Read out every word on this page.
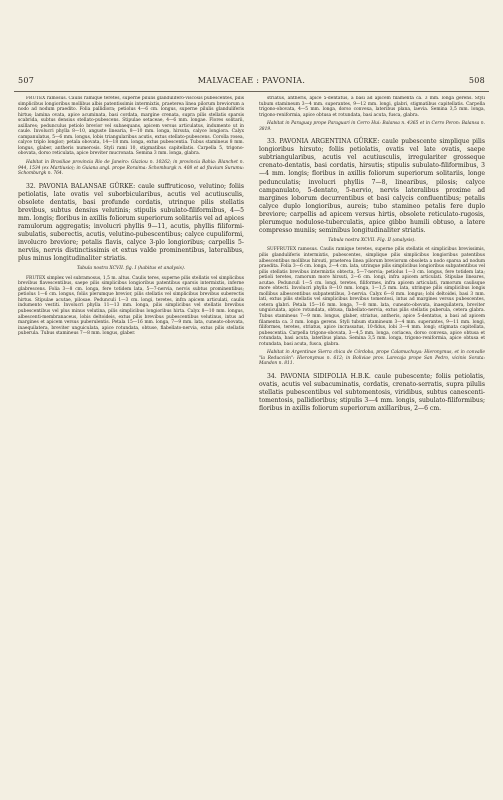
507	MALVACEAE : PAVONIA.	508

FRUTEX ramosus. Caulis ramique teretes, superne pilulis glandulifero-viscosis pubescentes, pilis simplicibus longioribus mollibus albis patentissimis intermixtis, praeterea linea pilorum breviorum a nodo ad nodum praedito. Folia pallidiora; petiolus 4—6 cm. longus, superne pilulis glanduliferis hirtus; lamina ovata, apice acuminata, basi cordata, margine crenata, supra pilis stellatis sparsis scabrida, subtus densius stellato-pubescens. Stipulae setaceae, 4—6 mm. longae. Flores solitarii, axillares; pedunculus petiolo brevior vel subaequans, apicem versus articulatus, indumento ut in caule. Involucri phylla 8—10, anguste linearia, 8—10 mm. longa, hirsuta, calyce longiora. Calyx campanulatus, 5—6 mm. longus, lobis triangularibus acutis, extus stellato-pubescens. Corolla rosea, calyce triplo longior; petala obovata, 14—18 mm. longa, extus pubescentia. Tubus stamineus 8 mm. longus, glaber, antheris numerosis. Styli rami 10, stigmatibus capitellatis. Carpella 5, trigono-obovata, dorso reticulata, apice breviter mucronata. Semina 3 mm. longa, glabra.

Habitat in Brasiliae provincia Rio de Janeiro: Glaziou n. 10262; in provincia Bahia: Blanchet n. 944, 1534 (ex Martiusio); in Guiana angl. prope Roraima: Schomburgk n. 408 et ad fluvium Surumu: Schomburgk n. 764.

32. PAVONIA BALANSAE GÜRKE: caule suffruticoso, velutino; foliis petiolatis, late ovatis vel suborbicularibus, acutis vel acutiusculis, obsolete dentatis, basi profunde cordatis, utrinque pilis stellatis brevibus, subtus densius velutinis; stipulis subulato-filiformibus, 4—5 mm. longis; floribus in axillis foliorum superiorum solitariis vel ad apices ramulorum aggregatis; involucri phyllis 9—11, acutis, phyllis filiformi-subulatis, suberectis, acutis, velutino-pubescentibus; calyce cupuliformi, involucro breviore; petalis flavis, calyce 3-plo longioribus; carpellis 5-nerviis, nervis distinctissimis et extus valde prominentibus, lateralibus, plus minus longitudinaliter striatis.

Tabula nostra XCVII. fig. I (habitus et analysis).

FRUTEX simplex vel subramosus, 1,5 m. altus. Caulis teres, superne pilis stellatis vel simplicibus brevibus flavescentibus, saepe pilis simplicibus longioribus patentibus sparsis intermixtis, inferne glabrescens. Folia 3—8 cm. longa, fere totidem lata, 5—7-nervia, nervis subtus prominentibus; petiolus 1—6 cm. longus, foliis plerumque brevior, pilis stellatis vel simplicibus brevibus suberectis hirtus. Stipulae acutae, pilosae. Pedunculi 1—3 cm. longi, teretes, infra apicem articulati, caulis indumento vestiti. Involucri phylla 11—13 mm. longa, pilis simplicibus vel stellatis brevibus pubescentibus vel plus minus velutina, pilis simplicibus longioribus hirta. Calyx 8—10 mm. longus, albescenti-membranaceus, lobis deltoideis, extus pilis brevibus pubescentibus velutinus, intus ad margines et apicem versus puberulentis. Petala 15—16 mm. longa, 7—9 mm. lata, cuneato-obovata, inaequilatera, breviter unguiculata, apice rotundata, obtuse, flabellato-nervia, extus pilis stellatis puberula. Tubus stamineus 7—8 mm. longus, glaber.

striatus, antheris, apice 5-dentatus, a basi ad apicem filamenta ca. 3 mm. longa gerens. Styli tubum stamineum 3—4 mm. superantes, 9—12 mm. longi, glabri, stigmatibus capitellatis. Carpella trigono-obovata, 4—5 mm. longa, dorso convexa, lateribus plana, laevia. Semina 3,5 mm. longa, trigono-reniformia, apice obtusa et rotundata, basi acuta, fusca, glabra.

Habitat in Paraguay prope Paraguari in Cerro Hui: Balansa n. 4365 et in Cerro Peron: Balansa n. 3819.

33. PAVONIA ARGENTINA GÜRKE: caule pubescente simplique pilis longioribus hirsuto; foliis petiolatis, ovatis vel late ovatis, saepe subtriangularibus, acutis vel acutiusculis, irregulariter grosseque crenato-dentatis, basi cordatis, hirsutis; stipulis subulato-filiformibus, 3—4 mm. longis; floribus in axillis foliorum superiorum solitariis, longe pedunculatis; involucri phyllis 7—8, linearibus, pilosis; calyce campanulato, 5-dentato, 5-nervio, nervis lateralibus proxime ad margines loborum decurrentibus et basi calycis confluentibus; petalis calyce duplo longioribus, aureis; tubo stamineo petalis fere duplo breviore; carpellis ad apicem versus hirtis, obsolete reticulato-rugosis, plerumque nodulose-tuberculatis, apice gibbo humili obtuso, a latere compresso muniis; seminibus longitudinaliter striatis.

Tabula nostra XCVII. Fig. II (analysis).

SUFFRUTEX ramosus. Caulis ramique teretes, superne pilis stellatis et simplicibus brevissimis, pilis glanduliferis intermixtis, pubescentes, simplique pilis simplicibus longioribus patentibus albescentibus mollibus hirsuti, praeterea linea pilorum breviorum obsoleta a nodo sparsa ad nodum praedita. Folia 3—6 cm. longa, 2—4 cm. lata, utrinque pilis simplicibus longioribus subpatentibus vel pilis stellatis brevibus intermixtis obtecta, 5—7-nervia; petiolus 1—3 cm. longus, fere totidem lata; petioli teretes, ramorum more hirsuti, 2—6 cm. longi, infra apicem articulati. Stipulae lineares, acutae. Pedunculi 1—5 cm. longi, teretes, filiformes, infra apicem articulati, ramorum caulisque more obtecti. Involucri phylla 8—10 mm. longa, 1—1,5 mm. lata, utrinque pilis simplicibus longis mollibus albescentibus subpatentibus, 3-nervia. Calyx 6—8 mm. longus; lobi deltoidei, basi 3 mm. lati, extus pilis stellatis vel simplicibus brevibus tomentosi, intus ad margines versus pubescentes, cetera glabri. Petala 15—16 mm. longa, 7—8 mm. lata, cuneato-obovata, inaequilatera, breviter unguiculata, apice rotundata, obtusa, flabellato-nervia, extus pilis stellatis puberula, cetera glabra. Tubus stamineus 7—9 mm. longus, glaber, striatus, antheris, apice 5-dentatus, a basi ad apicem filamenta ca. 3 mm. longa gerens. Styli tubum stamineum 3—4 mm. superantes, 9—11 mm. longi, filiformes, teretes, striatus, apice incrassatus, 10-fidus, lobi 3—4 mm. longi; stigmata capitellata, pubescentia. Carpella trigono-obovata, 3—4,5 mm. longa, coriacea, dorso convexa, apice obtusa et rotundata, basi acuta, lateribus plana. Semina 3,5 mm. longa, trigono-reniformia, apice obtusa et rotundata, basi acuta, fusca, glabra.

Habitat in Argentinae Sierra chica de Córdoba, prope Calamuchuya: Hieronymus, et in convalle "la Reducción": Hieronymus n. 612; in Boliviae prov. Larecaja prope San Pedro, vicinis Sorata: Mandon n. 811.

34. PAVONIA SIDIFOLIA H.B.K. caule pubescente; foliis petiolatis, ovatis, acutis vel subacuminatis, cordatis, crenato-serratis, supra pilulis stellatis pubescentibus vel subtomentosis, viridibus, subtus canescenti-tomentosis, pallidioribus; stipulis 3—4 mm. longis, subulato-filiformibus; floribus in axillis foliorum superiorum axillaribus, 2—6 cm.
